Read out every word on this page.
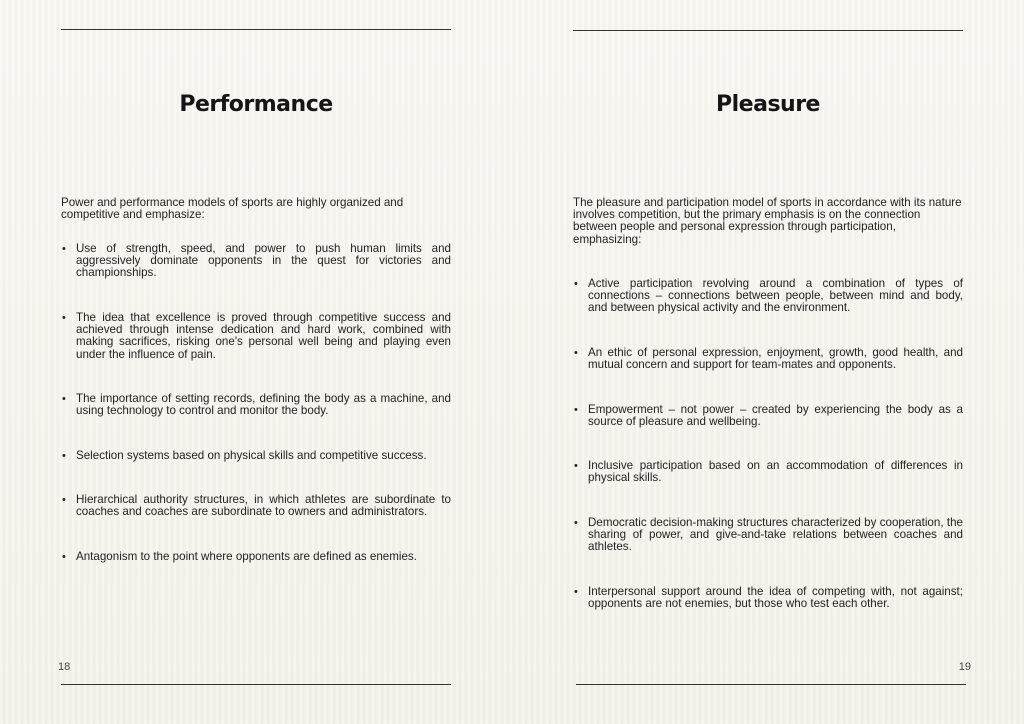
Performance

Power and performance models of sports are highly organized and competitive and emphasize:

• Use of strength, speed, and power to push human limits and aggressively dominate opponents in the quest for victories and championships.
• The idea that excellence is proved through competitive success and achieved through intense dedication and hard work, combined with making sacrifices, risking one's personal well being and playing even under the influence of pain.
• The importance of setting records, defining the body as a machine, and using technology to control and monitor the body.
• Selection systems based on physical skills and competitive success.
• Hierarchical authority structures, in which athletes are subordinate to coaches and coaches are subordinate to owners and administrators.
• Antagonism to the point where opponents are defined as enemies.
18
Pleasure

The pleasure and participation model of sports in accordance with its nature involves competition, but the primary emphasis is on the connection between people and personal expression through participation, emphasizing:

• Active participation revolving around a combination of types of connections – connections between people, between mind and body, and between physical activity and the environment.
• An ethic of personal expression, enjoyment, growth, good health, and mutual concern and support for team-mates and opponents.
• Empowerment – not power – created by experiencing the body as a source of pleasure and wellbeing.
• Inclusive participation based on an accommodation of differences in physical skills.
• Democratic decision-making structures characterized by cooperation, the sharing of power, and give-and-take relations between coaches and athletes.
• Interpersonal support around the idea of competing with, not against; opponents are not enemies, but those who test each other.
19
